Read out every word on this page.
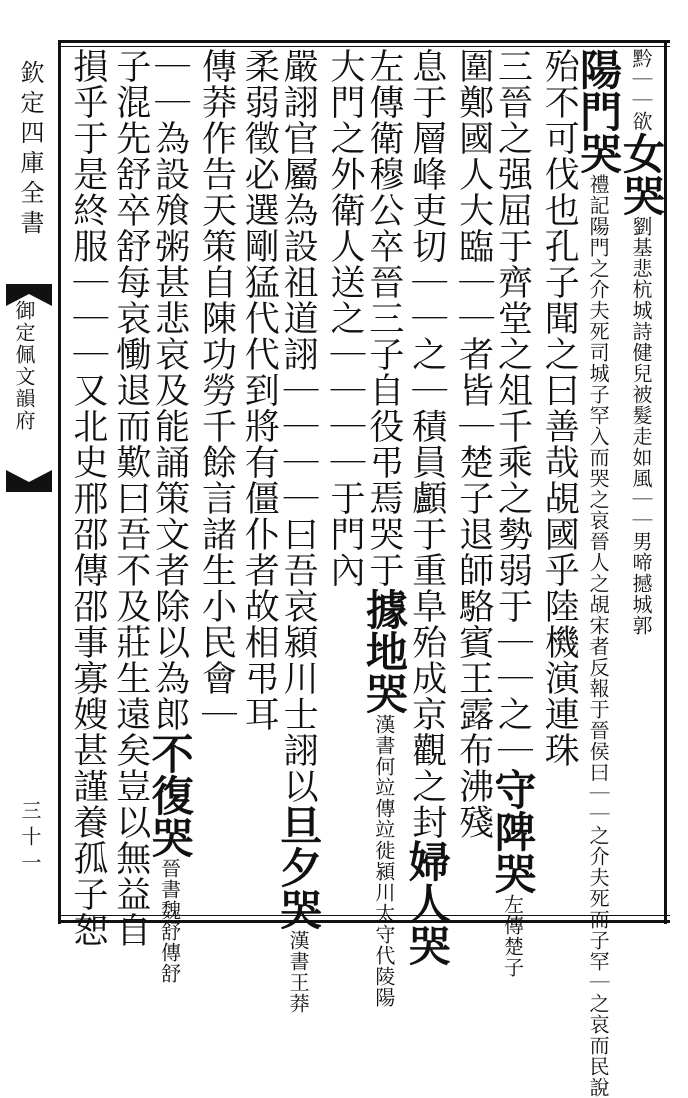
欽定四庫全書
御定佩文韻府
三十一
黔｜｜欲女哭劉基悲杭城詩健兒被髮走如風｜｜男啼撼城郭
陽門哭禮記陽門之介夫死司城子罕入而哭之哀晉人之覘宋者反報于晉侯曰｜｜之介夫死而子罕｜之哀而民說
殆不可伐也孔子聞之曰善哉覘國乎陸機演連珠
三晉之强屈于齊堂之俎千乘之勢弱于｜｜之｜守陴哭左傳楚子
圍鄭國人大臨｜｜者皆｜楚子退師駱賓王露布沸殘
息于層峰吏切｜｜之｜積員顱于重阜殆成京觀之封婦人哭
左傳衛穆公卒晉三子自役弔焉哭于據地哭漢書何竝傳竝徙潁川太守代陵陽
大門之外衛人送之｜｜｜｜于門內
嚴詡官屬為設祖道詡｜｜｜｜曰吾哀潁川士詡以旦夕哭漢書王莽
柔弱徵必選剛猛代代到將有僵仆者故相弔耳
傳莽作告天策自陳功勞千餘言諸生小民會｜
｜｜為設飱粥甚悲哀及能誦策文者除以為郎不復哭晉書魏舒傳舒
子混先舒卒舒每哀慟退而歎曰吾不及莊生遠矣豈以無益自
損乎于是終服｜｜｜又北史邢邵傳邵事寡嫂甚謹養孤子恕
